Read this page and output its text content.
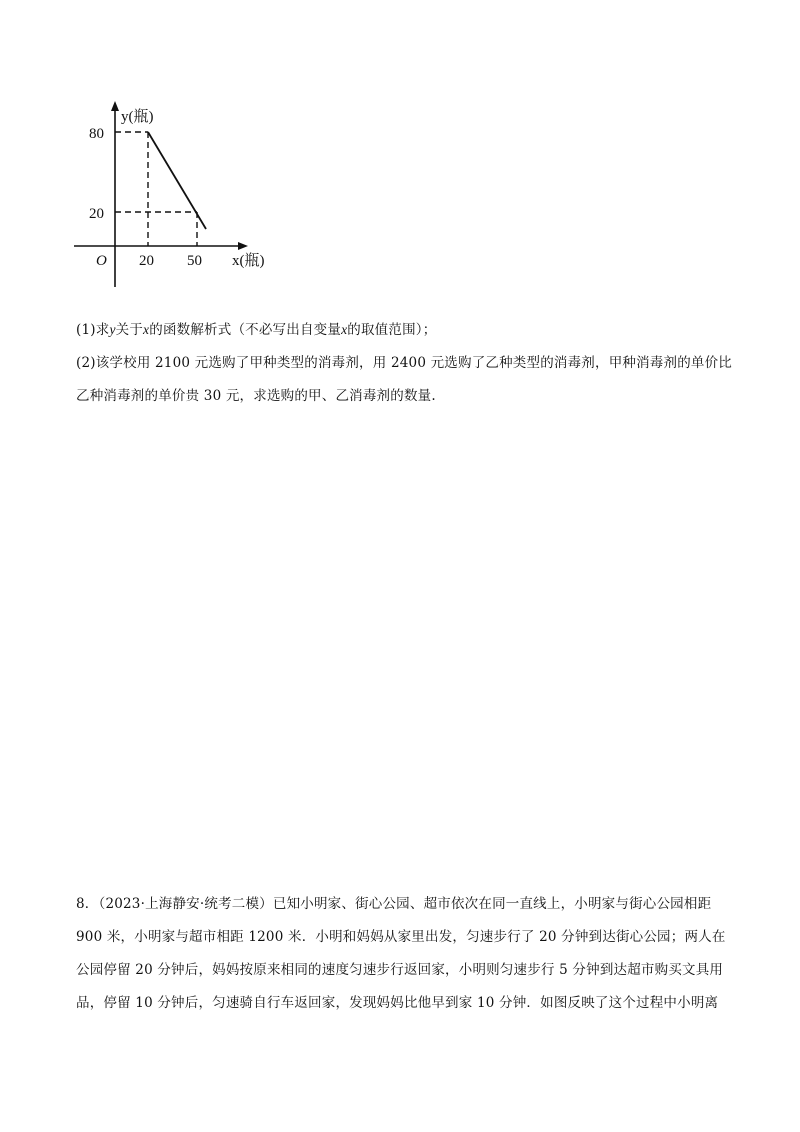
y(瓶)
80
20
O 20 50 x(瓶)
(1)求y关于x的函数解析式（不必写出自变量x的取值范围）；
(2)该学校用 2100 元选购了甲种类型的消毒剂，用 2400 元选购了乙种类型的消毒剂，甲种消毒剂的单价比
乙种消毒剂的单价贵 30 元，求选购的甲、乙消毒剂的数量.
8．（2023·上海静安·统考二模）已知小明家、街心公园、超市依次在同一直线上，小明家与街心公园相距
900 米，小明家与超市相距 1200 米．小明和妈妈从家里出发，匀速步行了 20 分钟到达街心公园；两人在
公园停留 20 分钟后，妈妈按原来相同的速度匀速步行返回家，小明则匀速步行 5 分钟到达超市购买文具用
品，停留 10 分钟后，匀速骑自行车返回家，发现妈妈比他早到家 10 分钟．如图反映了这个过程中小明离
